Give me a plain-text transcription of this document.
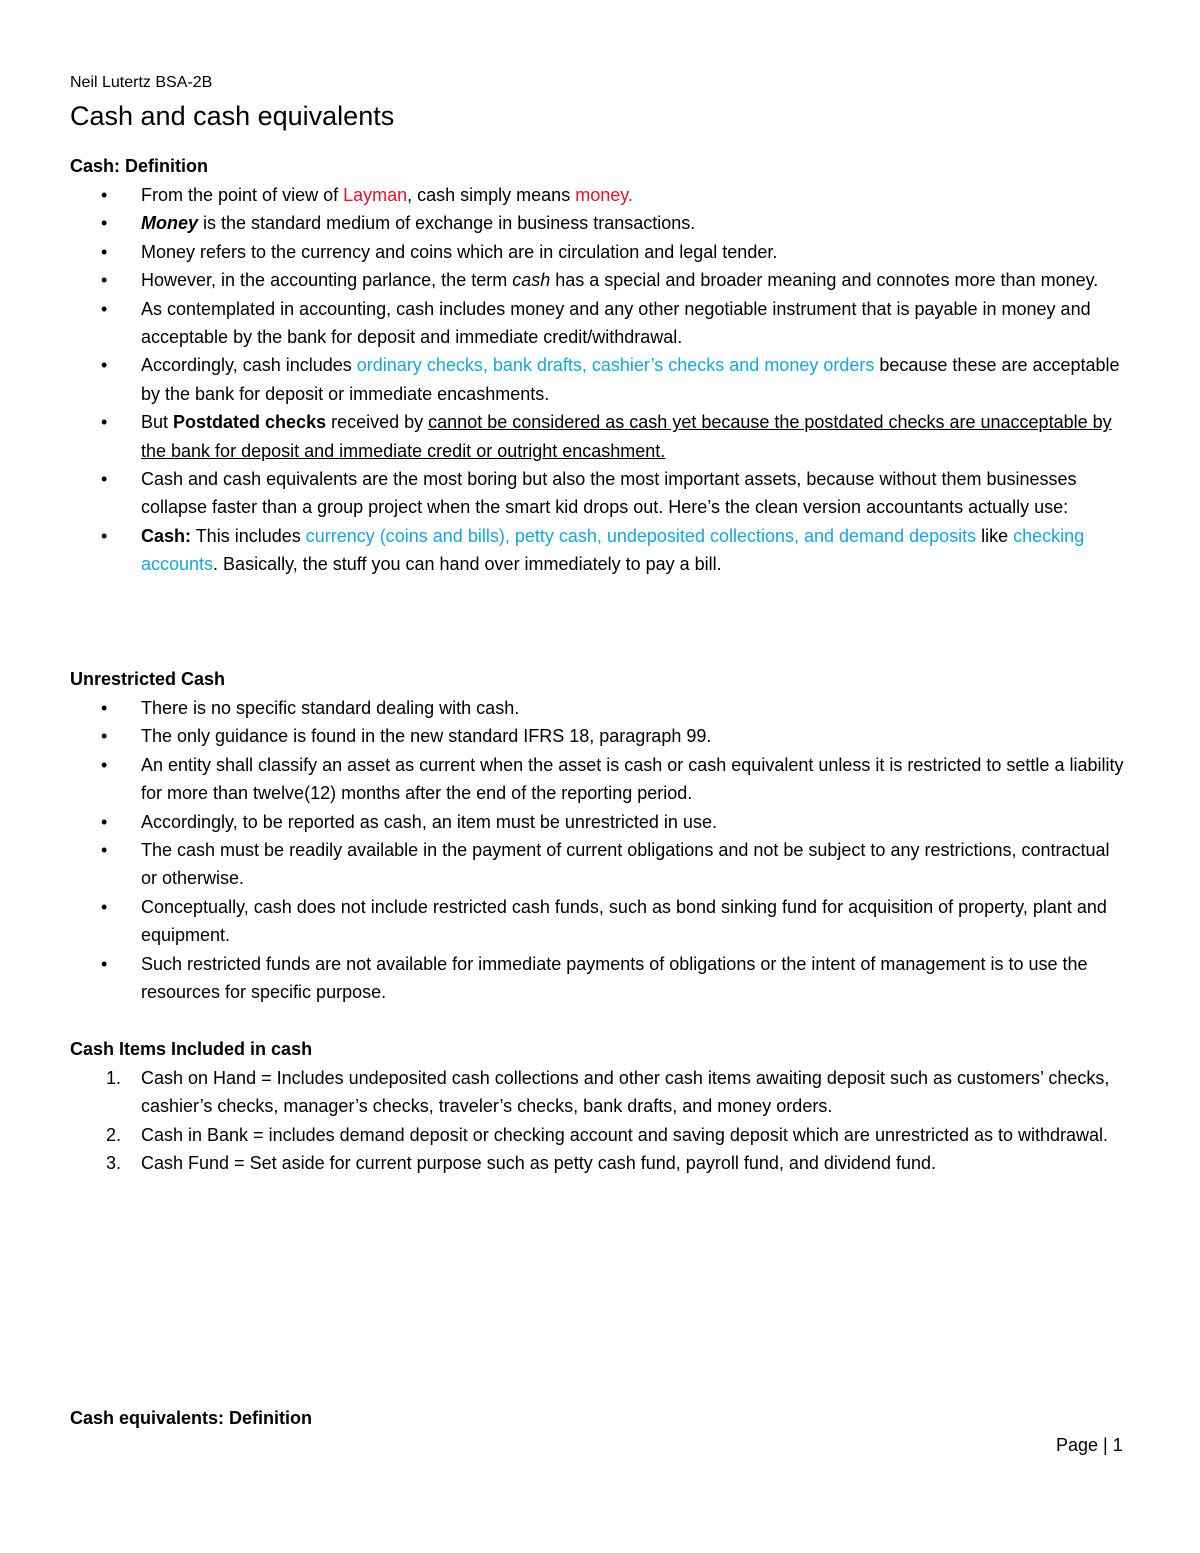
Neil Lutertz BSA-2B
Cash and cash equivalents
Cash: Definition
• From the point of view of Layman, cash simply means money.
• Money is the standard medium of exchange in business transactions.
• Money refers to the currency and coins which are in circulation and legal tender.
• However, in the accounting parlance, the term cash has a special and broader meaning and connotes more than money.
• As contemplated in accounting, cash includes money and any other negotiable instrument that is payable in money and acceptable by the bank for deposit and immediate credit/withdrawal.
• Accordingly, cash includes ordinary checks, bank drafts, cashier’s checks and money orders because these are acceptable by the bank for deposit or immediate encashments.
• But Postdated checks received by cannot be considered as cash yet because the postdated checks are unacceptable by the bank for deposit and immediate credit or outright encashment.
• Cash and cash equivalents are the most boring but also the most important assets, because without them businesses collapse faster than a group project when the smart kid drops out. Here’s the clean version accountants actually use:
• Cash: This includes currency (coins and bills), petty cash, undeposited collections, and demand deposits like checking accounts. Basically, the stuff you can hand over immediately to pay a bill.
Unrestricted Cash
• There is no specific standard dealing with cash.
• The only guidance is found in the new standard IFRS 18, paragraph 99.
• An entity shall classify an asset as current when the asset is cash or cash equivalent unless it is restricted to settle a liability for more than twelve(12) months after the end of the reporting period.
• Accordingly, to be reported as cash, an item must be unrestricted in use.
• The cash must be readily available in the payment of current obligations and not be subject to any restrictions, contractual or otherwise.
• Conceptually, cash does not include restricted cash funds, such as bond sinking fund for acquisition of property, plant and equipment.
• Such restricted funds are not available for immediate payments of obligations or the intent of management is to use the resources for specific purpose.
Cash Items Included in cash
1. Cash on Hand = Includes undeposited cash collections and other cash items awaiting deposit such as customers’ checks, cashier’s checks, manager’s checks, traveler’s checks, bank drafts, and money orders.
2. Cash in Bank = includes demand deposit or checking account and saving deposit which are unrestricted as to withdrawal.
3. Cash Fund = Set aside for current purpose such as petty cash fund, payroll fund, and dividend fund.
Cash equivalents: Definition
Page | 1
